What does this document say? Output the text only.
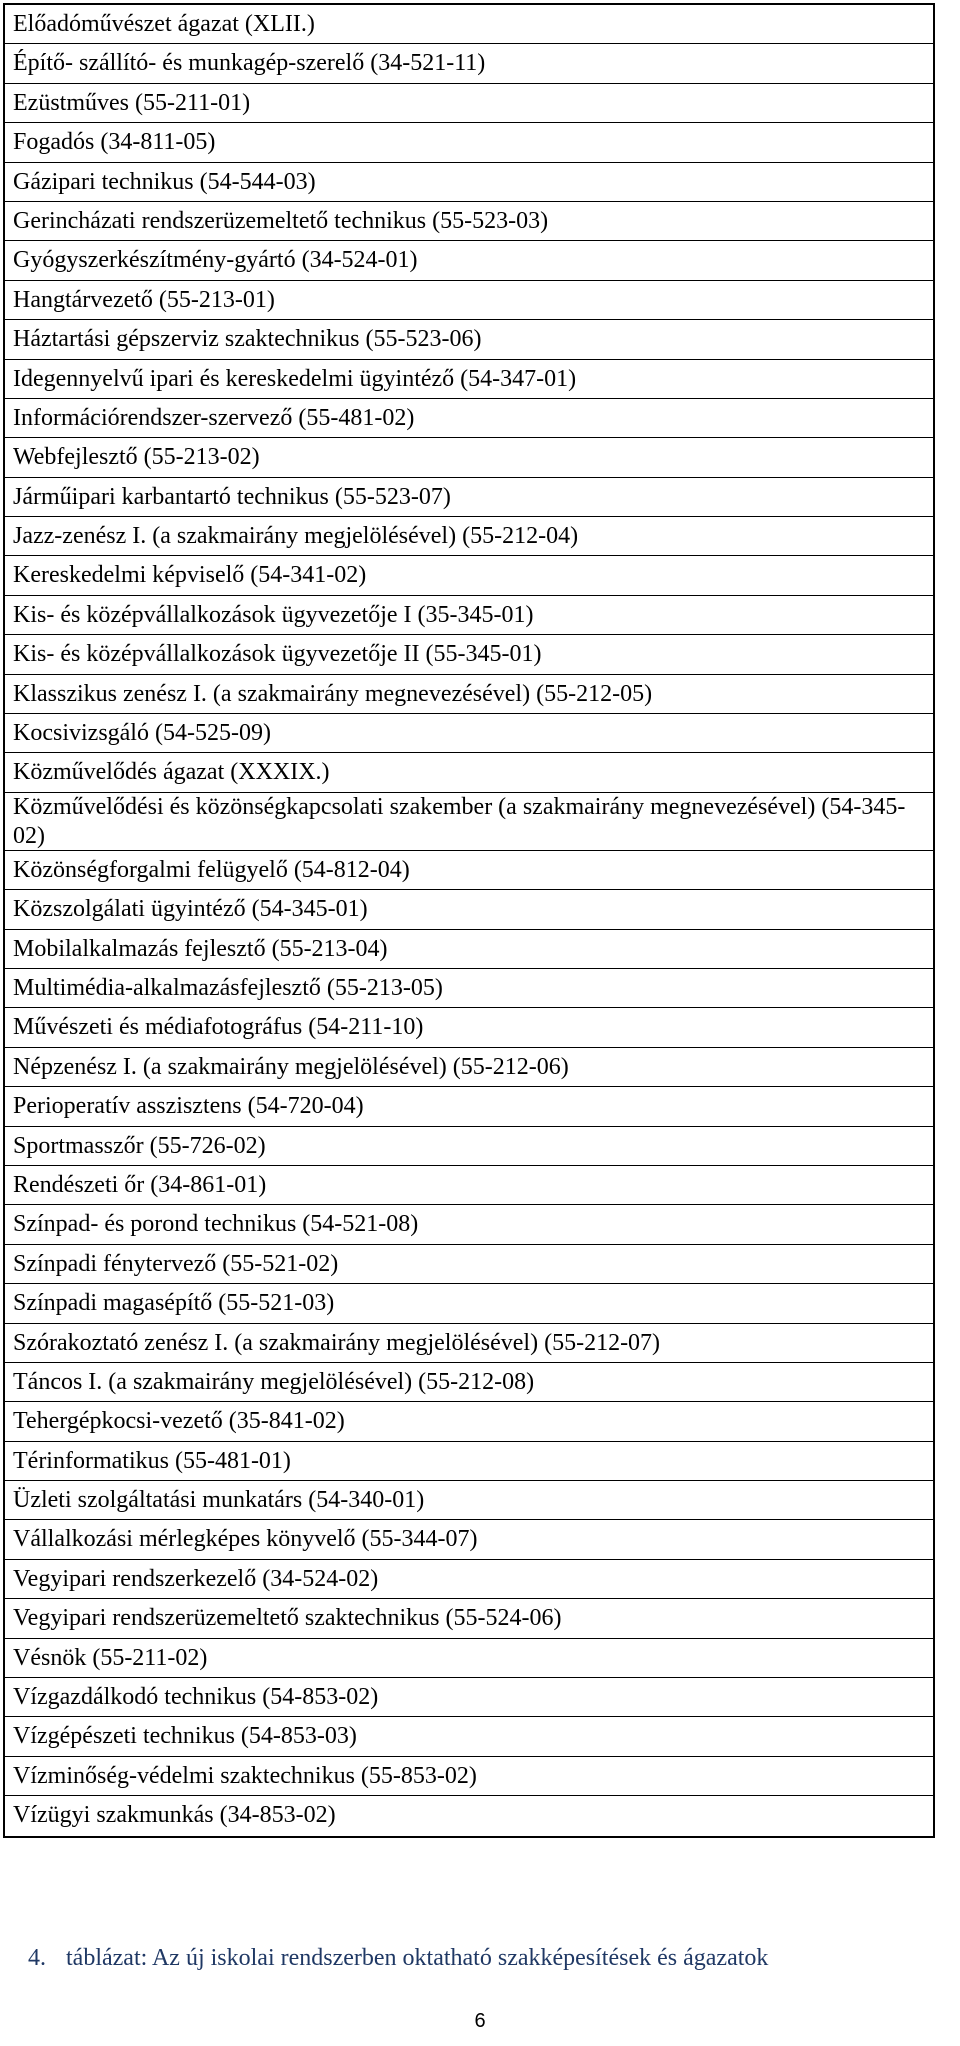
Előadóművészet ágazat (XLII.)
Építő- szállító- és munkagép-szerelő (34-521-11)
Ezüstműves (55-211-01)
Fogadós (34-811-05)
Gázipari technikus (54-544-03)
Gerincházati rendszerüzemeltető technikus (55-523-03)
Gyógyszerkészítmény-gyártó (34-524-01)
Hangtárvezető (55-213-01)
Háztartási gépszerviz szaktechnikus (55-523-06)
Idegennyelvű ipari és kereskedelmi ügyintéző (54-347-01)
Információrendszer-szervező (55-481-02)
Webfejlesztő (55-213-02)
Járműipari karbantartó technikus (55-523-07)
Jazz-zenész I. (a szakmairány megjelölésével) (55-212-04)
Kereskedelmi képviselő (54-341-02)
Kis- és középvállalkozások ügyvezetője I (35-345-01)
Kis- és középvállalkozások ügyvezetője II (55-345-01)
Klasszikus zenész I. (a szakmairány megnevezésével) (55-212-05)
Kocsivizsgáló (54-525-09)
Közművelődés ágazat (XXXIX.)
Közművelődési és közönségkapcsolati szakember (a szakmairány megnevezésével) (54-345-02)
Közönségforgalmi felügyelő (54-812-04)
Közszolgálati ügyintéző (54-345-01)
Mobilalkalmazás fejlesztő (55-213-04)
Multimédia-alkalmazásfejlesztő (55-213-05)
Művészeti és médiafotográfus (54-211-10)
Népzenész I. (a szakmairány megjelölésével) (55-212-06)
Perioperatív asszisztens (54-720-04)
Sportmasszőr (55-726-02)
Rendészeti őr (34-861-01)
Színpad- és porond technikus (54-521-08)
Színpadi fénytervező (55-521-02)
Színpadi magasépítő (55-521-03)
Szórakoztató zenész I. (a szakmairány megjelölésével) (55-212-07)
Táncos I. (a szakmairány megjelölésével) (55-212-08)
Tehergépkocsi-vezető (35-841-02)
Térinformatikus (55-481-01)
Üzleti szolgáltatási munkatárs (54-340-01)
Vállalkozási mérlegképes könyvelő (55-344-07)
Vegyipari rendszerkezelő (34-524-02)
Vegyipari rendszerüzemeltető szaktechnikus (55-524-06)
Vésnök (55-211-02)
Vízgazdálkodó technikus (54-853-02)
Vízgépészeti technikus (54-853-03)
Vízminőség-védelmi szaktechnikus (55-853-02)
Vízügyi szakmunkás (34-853-02)
4. táblázat: Az új iskolai rendszerben oktatható szakképesítések és ágazatok
6
